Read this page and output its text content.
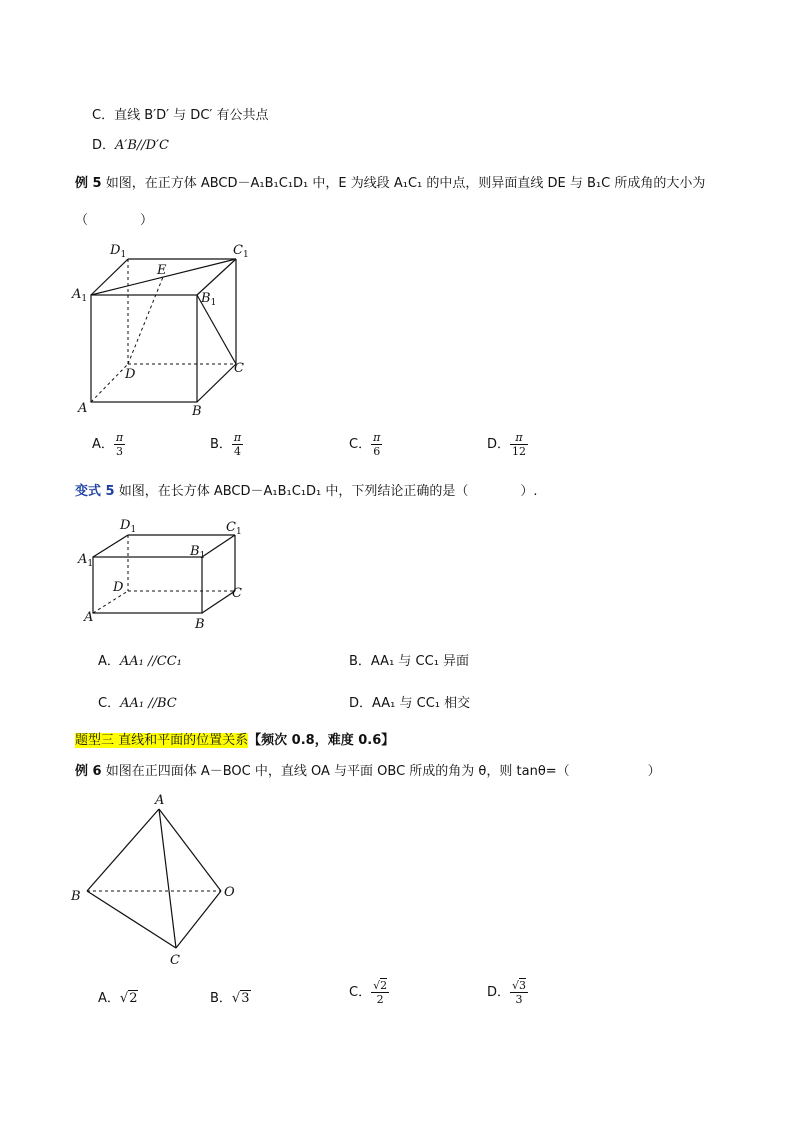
C．直线 B′D′ 与 DC′ 有公共点
D．A′B//D′C
例 5 如图，在正方体 ABCD－A₁B₁C₁D₁ 中，E 为线段 A₁C₁ 的中点，则异面直线 DE 与 B₁C 所成角的大小为
（　　　　）
$D_1$	$C_1$
$A_1$	$B_1$
E
D	C
A	B
A． $\frac{\pi}{3}$	B． $\frac{\pi}{4}$	C． $\frac{\pi}{6}$	D． $\frac{\pi}{12}$
变式 5 如图，在长方体 ABCD－A₁B₁C₁D₁ 中，下列结论正确的是（　　　　）.
$D_1$	$C_1$
$A_1$
$B_1$
D	C
A	B
A．AA₁ //CC₁	B．AA₁ 与 CC₁ 异面
C．AA₁ //BC	D．AA₁ 与 CC₁ 相交
题型三 直线和平面的位置关系【频次 0.8，难度 0.6】
例 6 如图在正四面体 A－BOC 中，直线 OA 与平面 OBC 所成的角为 θ，则 tanθ=（　　　　　　）
A
B	O
C
A．√2	B．√3	C． $\frac{√2}{2}$	D． $\frac{√3}{3}$
